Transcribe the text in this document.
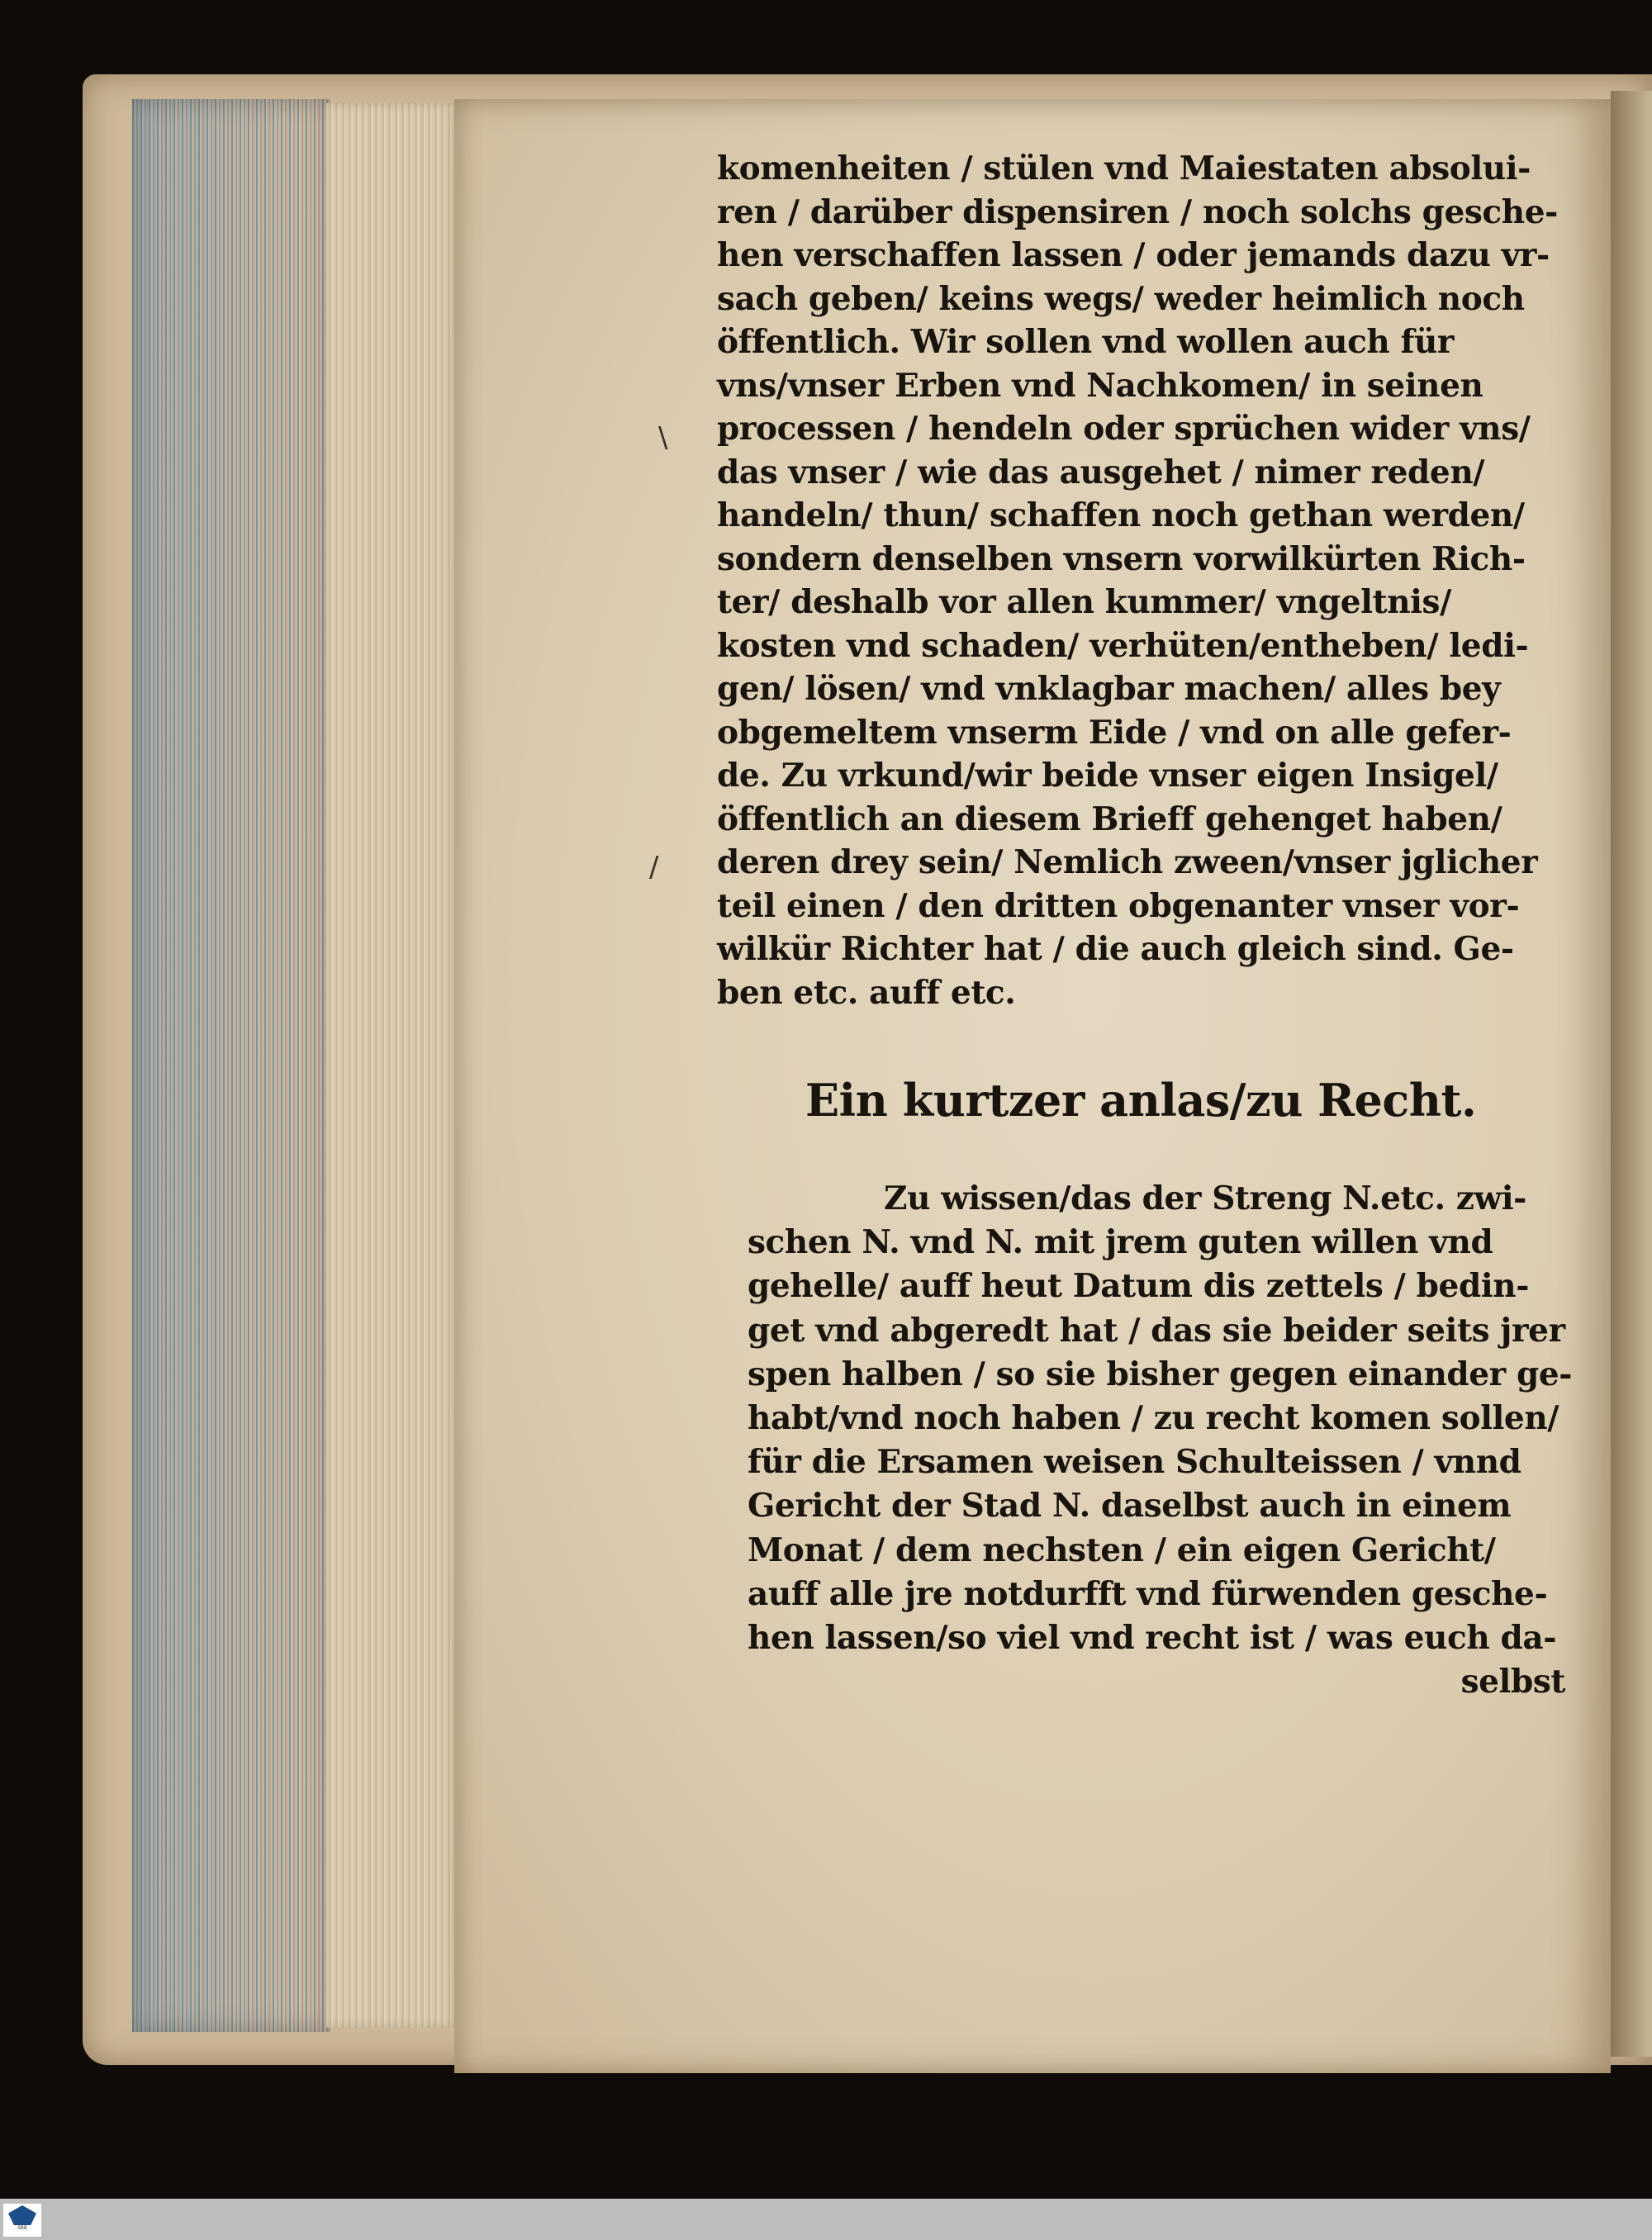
\
/
komenheiten / stülen vnd Maiestaten absolui-
ren / darüber dispensiren / noch solchs gesche-
hen verschaffen lassen / oder jemands dazu vr-
sach geben/ keins wegs/ weder heimlich noch
öffentlich. Wir sollen vnd wollen auch für
vns/vnser Erben vnd Nachkomen/ in seinen
processen / hendeln oder sprüchen wider vns/
das vnser / wie das ausgehet / nimer reden/
handeln/ thun/ schaffen noch gethan werden/
sondern denselben vnsern vorwilkürten Rich-
ter/ deshalb vor allen kummer/ vngeltnis/
kosten vnd schaden/ verhüten/entheben/ ledi-
gen/ lösen/ vnd vnklagbar machen/ alles bey
obgemeltem vnserm Eide / vnd on alle gefer-
de. Zu vrkund/wir beide vnser eigen Insigel/
öffentlich an diesem Brieff gehenget haben/
deren drey sein/ Nemlich zween/vnser jglicher
teil einen / den dritten obgenanter vnser vor-
wilkür Richter hat / die auch gleich sind. Ge-
ben etc. auff etc.
Ein kurtzer anlas/zu Recht.
Zu wissen/das der Streng N.etc. zwi-
schen N. vnd N. mit jrem guten willen vnd
gehelle/ auff heut Datum dis zettels / bedin-
get vnd abgeredt hat / das sie beider seits jrer
spen halben / so sie bisher gegen einander ge-
habt/vnd noch haben / zu recht komen sollen/
für die Ersamen weisen Schulteissen / vnnd
Gericht der Stad N. daselbst auch in einem
Monat / dem nechsten / ein eigen Gericht/
auff alle jre notdurfft vnd fürwenden gesche-
hen lassen/so viel vnd recht ist / was euch da-
selbst
SBB
